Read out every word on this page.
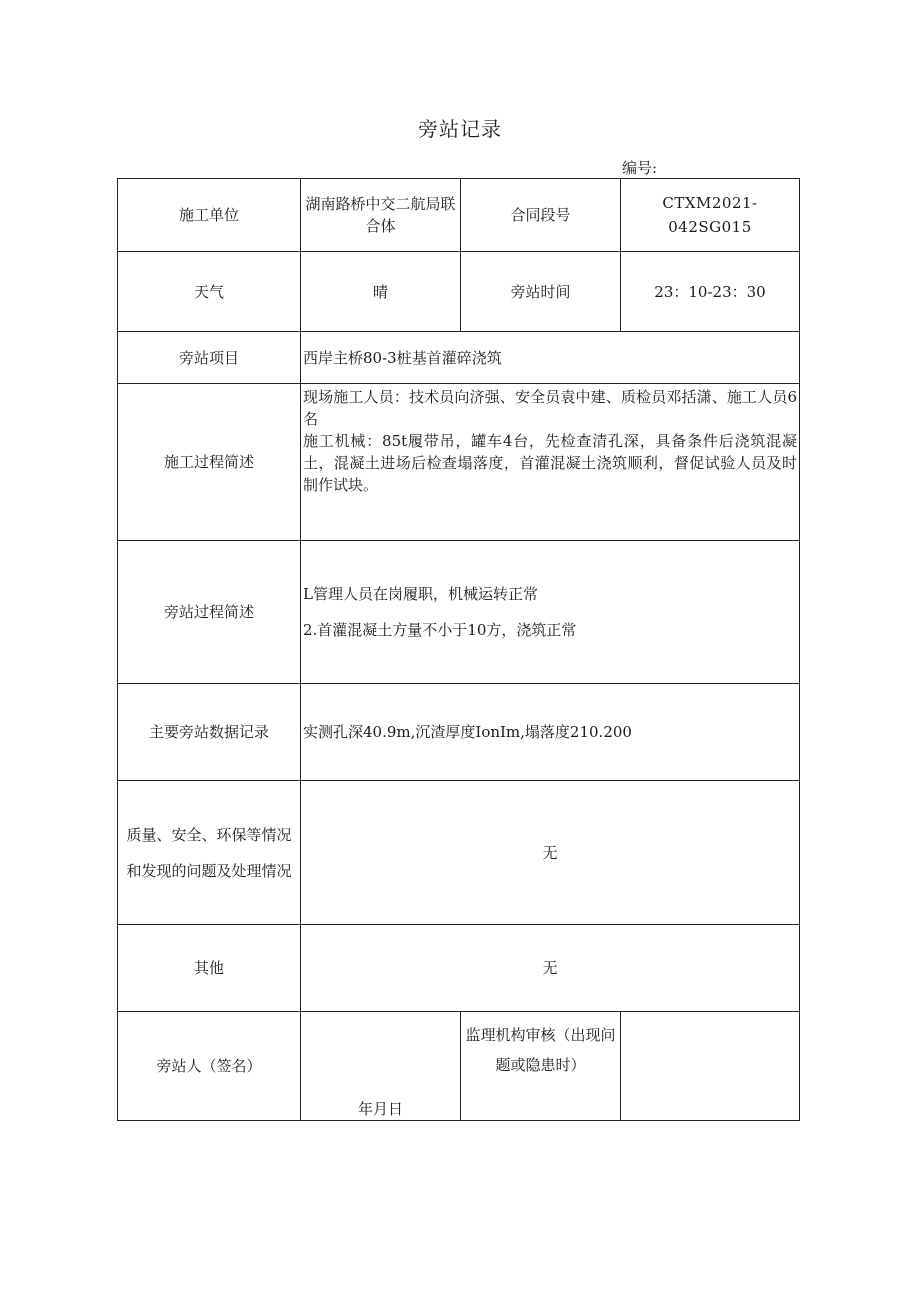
旁站记录
编号:
施工单位	湖南路桥中交二航局联合体	合同段号	CTXM2021-042SG015
天气	晴	旁站时间	23：10-23：30
旁站项目	西岸主桥80-3桩基首灌碎浇筑		
施工过程简述	现场施工人员：技术员向济强、安全员袁中建、质检员邓括潇、施工人员6名

施工机械：85t履带吊，罐车4台，先检查清孔深，具备条件后浇筑混凝土，混凝土进场后检查塌落度，首灌混凝土浇筑顺利，督促试验人员及时制作试块。		

旁站过程简述	L管理人员在岗履职，机械运转正常

2.首灌混凝土方量不小于10方，浇筑正常		

主要旁站数据记录	实测孔深40.9m,沉渣厚度IonIm,塌落度210.200		
质量、安全、环保等情况和发现的问题及处理情况	无		
其他	无		
旁站人（签名）	年月日	监理机构审核（出现问题或隐患时）	
